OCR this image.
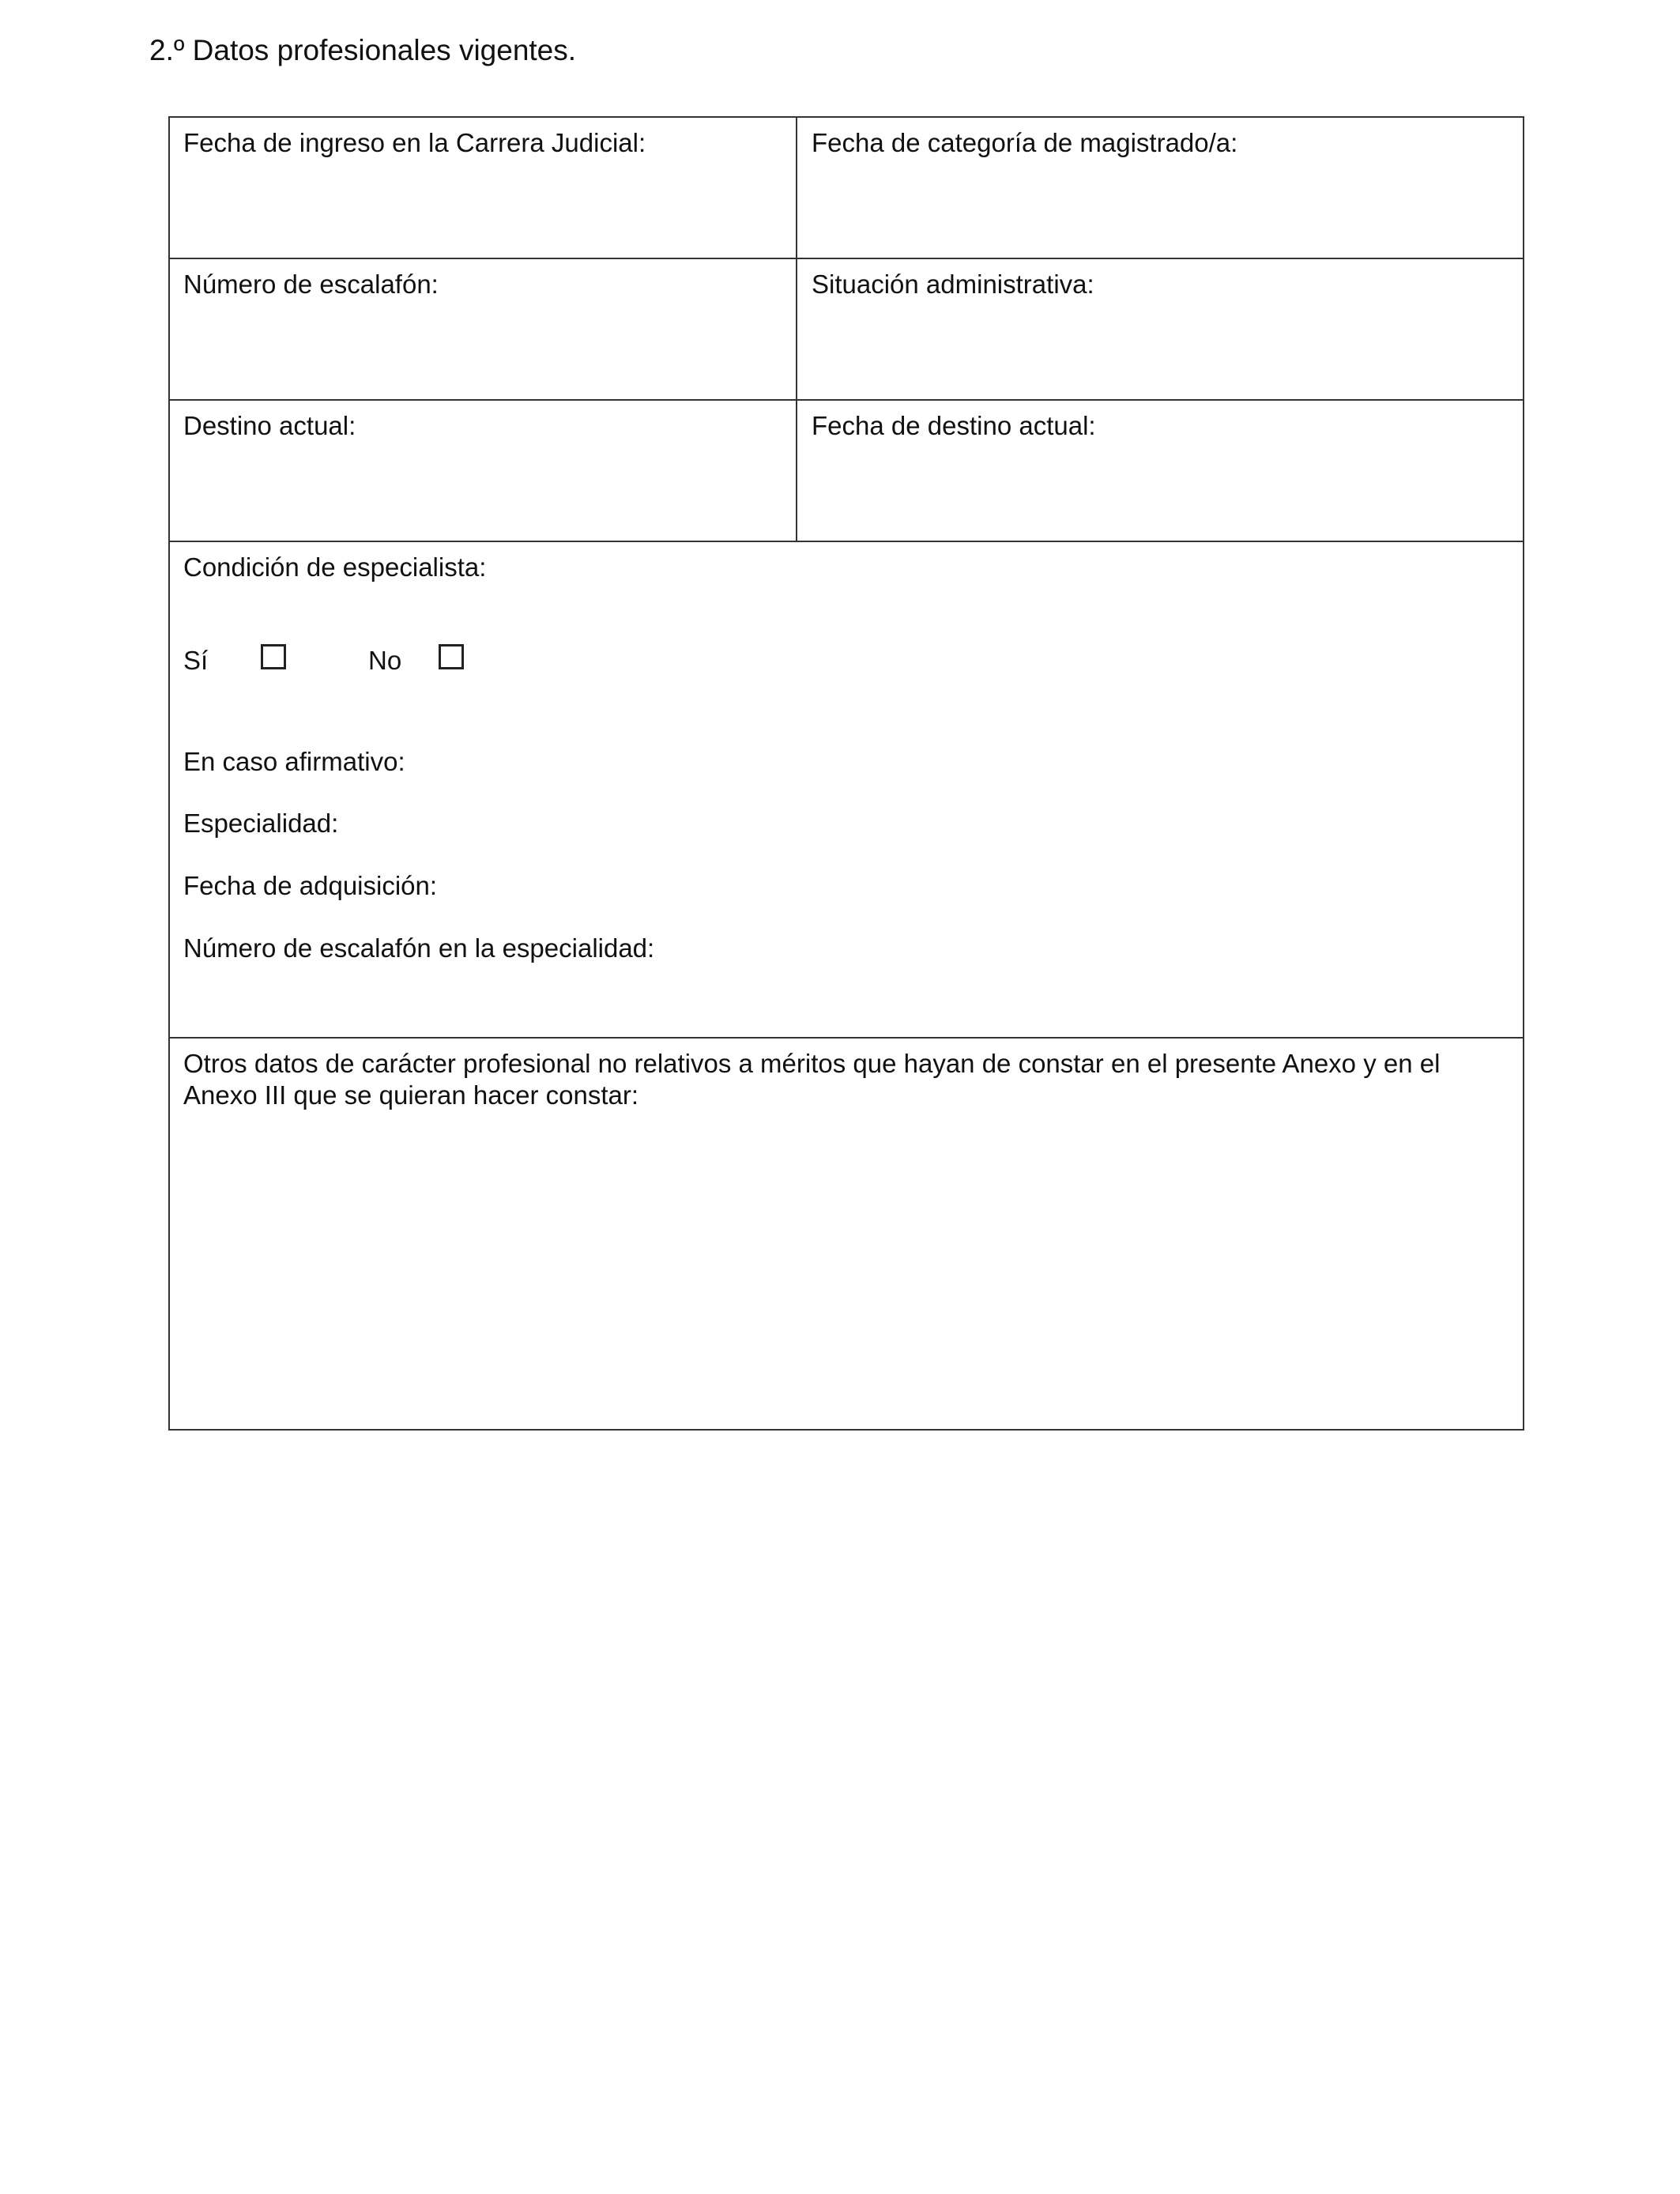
2.º Datos profesionales vigentes.
Fecha de ingreso en la Carrera Judicial:	Fecha de categoría de magistrado/a:
Número de escalafón:	Situación administrativa:
Destino actual:	Fecha de destino actual:
Condición de especialista:
Sí	No
En caso afirmativo:
Especialidad:
Fecha de adquisición:
Número de escalafón en la especialidad:
Otros datos de carácter profesional no relativos a méritos que hayan de constar en el presente Anexo y en el Anexo III que se quieran hacer constar:
